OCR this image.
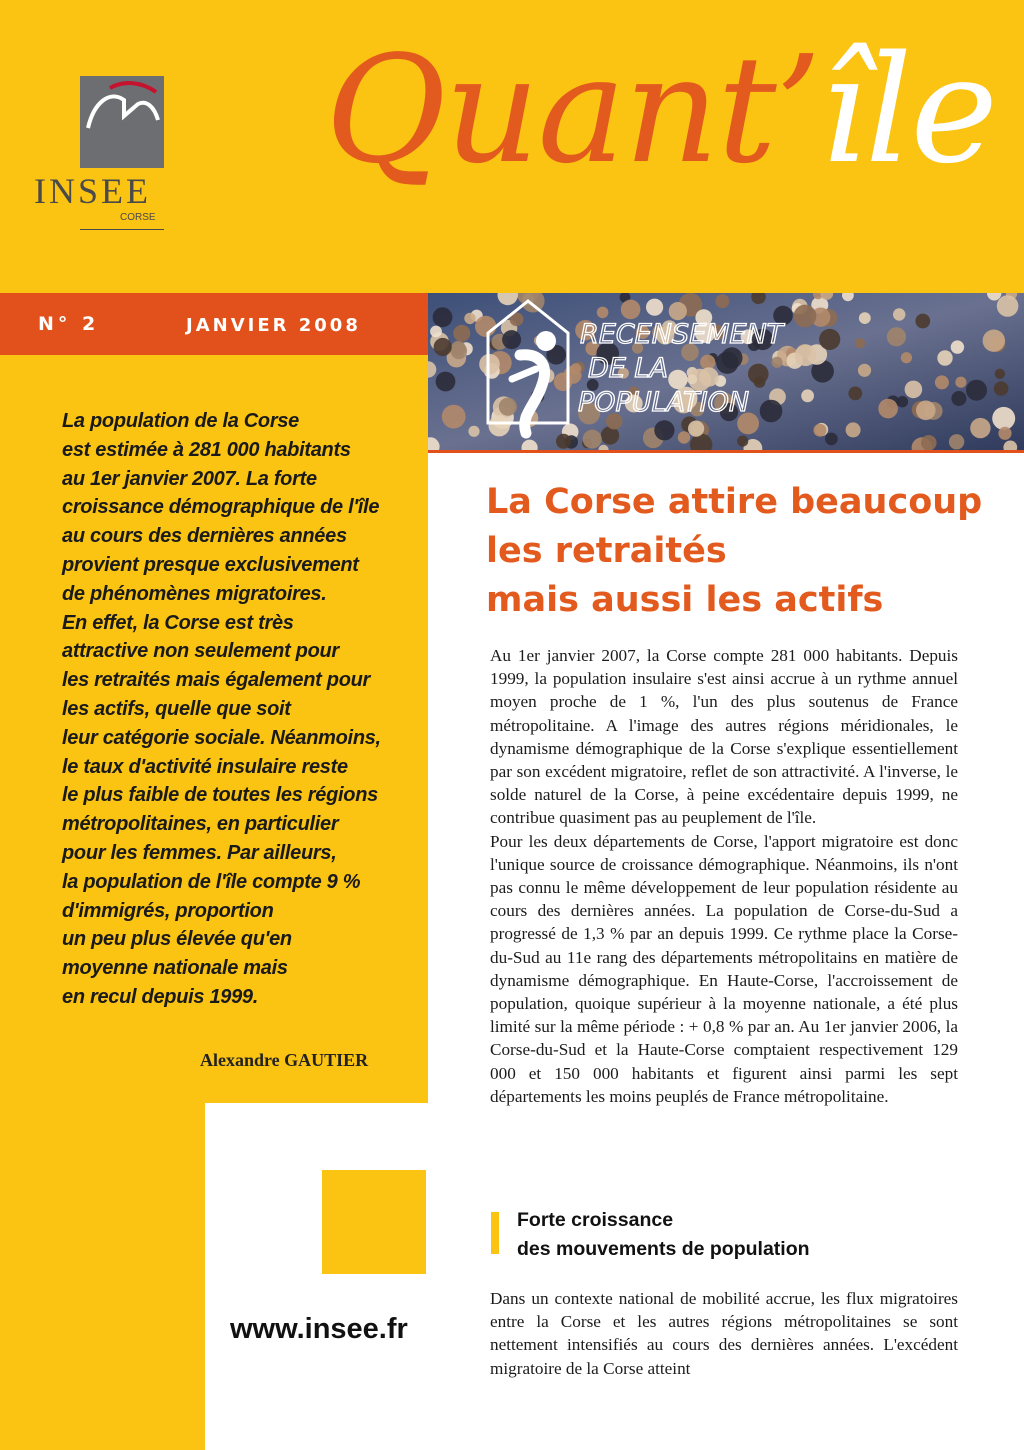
INSEE
CORSE
Quant’île
N° 2	JANVIER 2008	RECENSEMENT
DE LA
POPULATION
La population de la Corse
est estimée à 281 000 habitants
au 1er janvier 2007. La forte
croissance démographique de l'île
au cours des dernières années
provient presque exclusivement
de phénomènes migratoires.
En effet, la Corse est très
attractive non seulement pour
les retraités mais également pour
les actifs, quelle que soit
leur catégorie sociale. Néanmoins,
le taux d'activité insulaire reste
le plus faible de toutes les régions
métropolitaines, en particulier
pour les femmes. Par ailleurs,
la population de l'île compte 9 %
d'immigrés, proportion
un peu plus élevée qu'en
moyenne nationale mais
en recul depuis 1999.
Alexandre GAUTIER
www.insee.fr
La Corse attire beaucoup
les retraités
mais aussi les actifs

Au 1er janvier 2007, la Corse compte 281 000 habitants. Depuis 1999, la population insulaire s'est ainsi accrue à un rythme annuel moyen proche de 1 %, l'un des plus soutenus de France métropolitaine. A l'image des autres régions méridionales, le dynamisme démographique de la Corse s'explique essentiellement par son excédent migratoire, reflet de son attractivité. A l'inverse, le solde naturel de la Corse, à peine excédentaire depuis 1999, ne contribue quasiment pas au peuplement de l'île.
Pour les deux départements de Corse, l'apport migratoire est donc l'unique source de croissance démographique. Néanmoins, ils n'ont pas connu le même développement de leur population résidente au cours des dernières années. La population de Corse-du-Sud a progressé de 1,3 % par an depuis 1999. Ce rythme place la Corse-du-Sud au 11e rang des départements métropolitains en matière de dynamisme démographique. En Haute-Corse, l'accroissement de population, quoique supérieur à la moyenne nationale, a été plus limité sur la même période : + 0,8 % par an. Au 1er janvier 2006, la Corse-du-Sud et la Haute-Corse comptaient respectivement 129 000 et 150 000 habitants et figurent ainsi parmi les sept départements les moins peuplés de France métropolitaine.

Forte croissance
des mouvements de population

Dans un contexte national de mobilité accrue, les flux migratoires entre la Corse et les autres régions métropolitaines se sont nettement intensifiés au cours des dernières années. L'excédent migratoire de la Corse atteint
